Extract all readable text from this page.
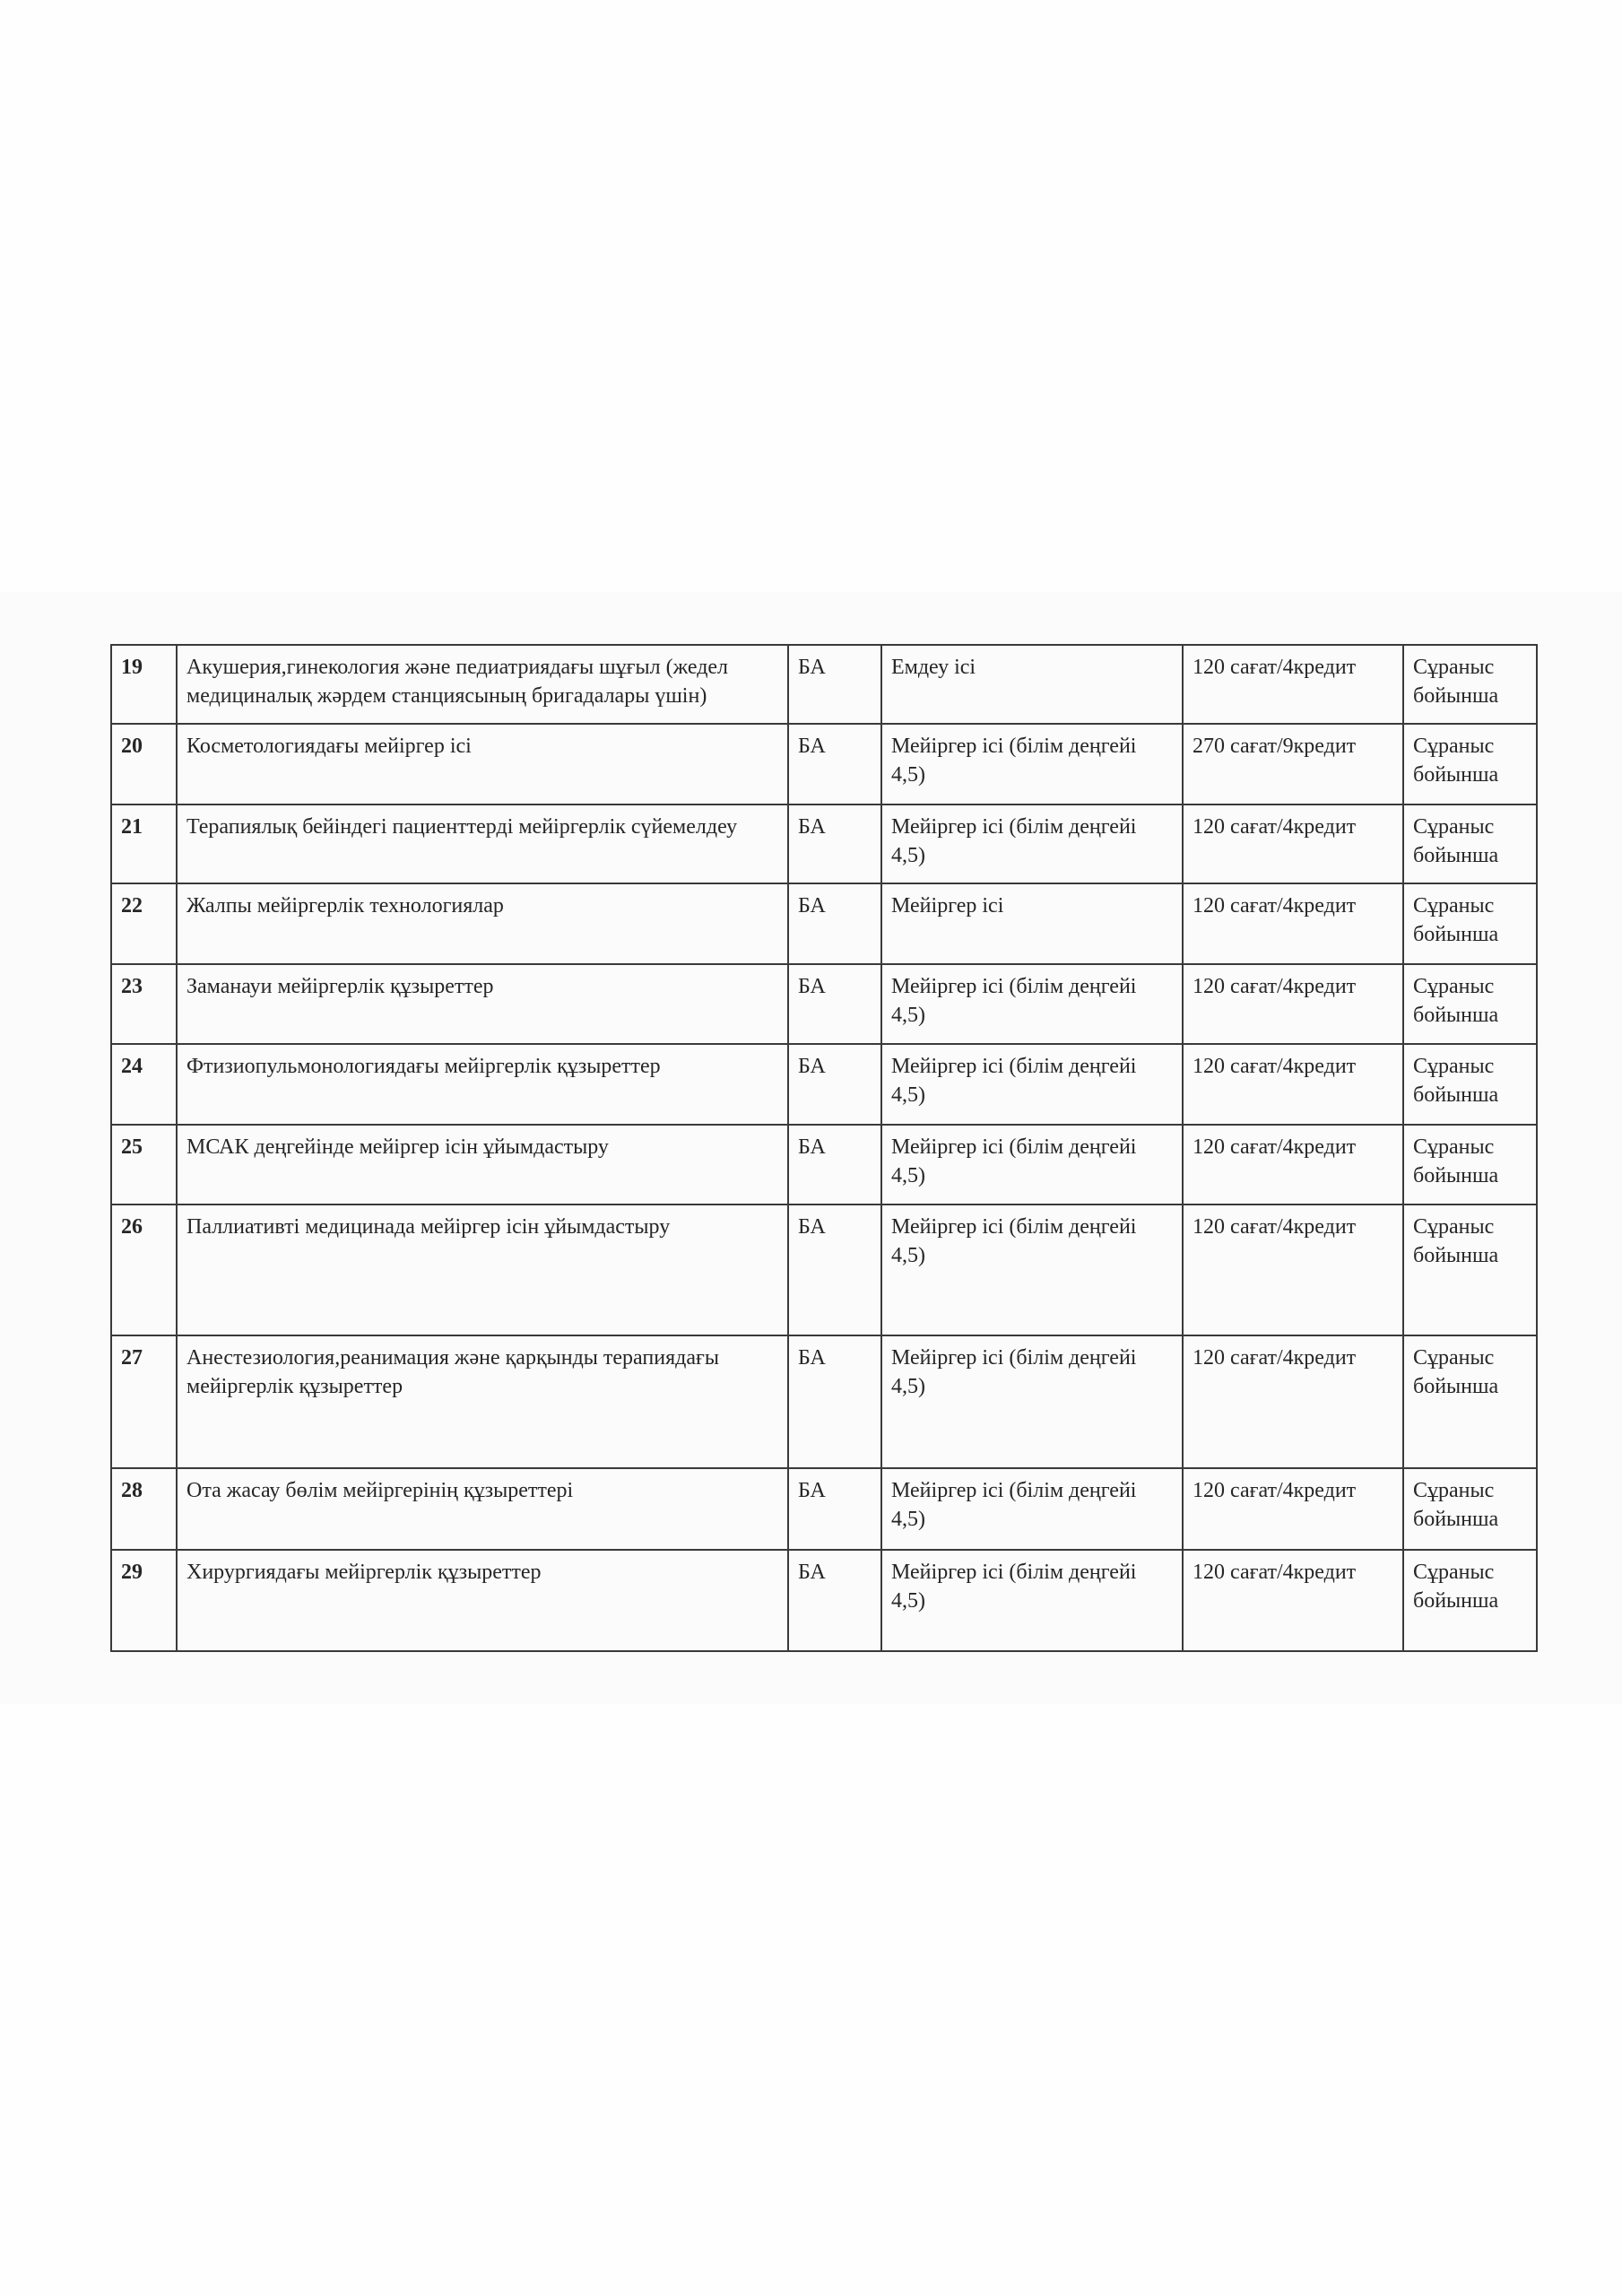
19	Акушерия,гинекология және педиатриядағы шұғыл (жедел медициналық жәрдем станциясының бригадалары үшін)	БА	Емдеу ісі	120 сағат/4кредит	Сұраныс бойынша
20	Косметологиядағы мейіргер ісі	БА	Мейіргер ісі (білім деңгейі 4,5)	270 сағат/9кредит	Сұраныс бойынша
21	Терапиялық бейіндегі пациенттерді мейіргерлік сүйемелдеу	БА	Мейіргер ісі (білім деңгейі 4,5)	120 сағат/4кредит	Сұраныс бойынша
22	Жалпы мейіргерлік технологиялар	БА	Мейіргер ісі	120 сағат/4кредит	Сұраныс бойынша
23	Заманауи мейіргерлік құзыреттер	БА	Мейіргер ісі (білім деңгейі 4,5)	120 сағат/4кредит	Сұраныс бойынша
24	Фтизиопульмонологиядағы мейіргерлік құзыреттер	БА	Мейіргер ісі (білім деңгейі 4,5)	120 сағат/4кредит	Сұраныс бойынша
25	МСАК деңгейінде мейіргер ісін ұйымдастыру	БА	Мейіргер ісі (білім деңгейі 4,5)	120 сағат/4кредит	Сұраныс бойынша
26	Паллиативті медицинада мейіргер ісін ұйымдастыру	БА	Мейіргер ісі (білім деңгейі 4,5)	120 сағат/4кредит	Сұраныс бойынша
27	Анестезиология,реанимация және қарқынды терапиядағы мейіргерлік құзыреттер	БА	Мейіргер ісі (білім деңгейі 4,5)	120 сағат/4кредит	Сұраныс бойынша
28	Ота жасау бөлім мейіргерінің құзыреттері	БА	Мейіргер ісі (білім деңгейі 4,5)	120 сағат/4кредит	Сұраныс бойынша
29	Хирургиядағы мейіргерлік құзыреттер	БА	Мейіргер ісі (білім деңгейі 4,5)	120 сағат/4кредит	Сұраныс бойынша
